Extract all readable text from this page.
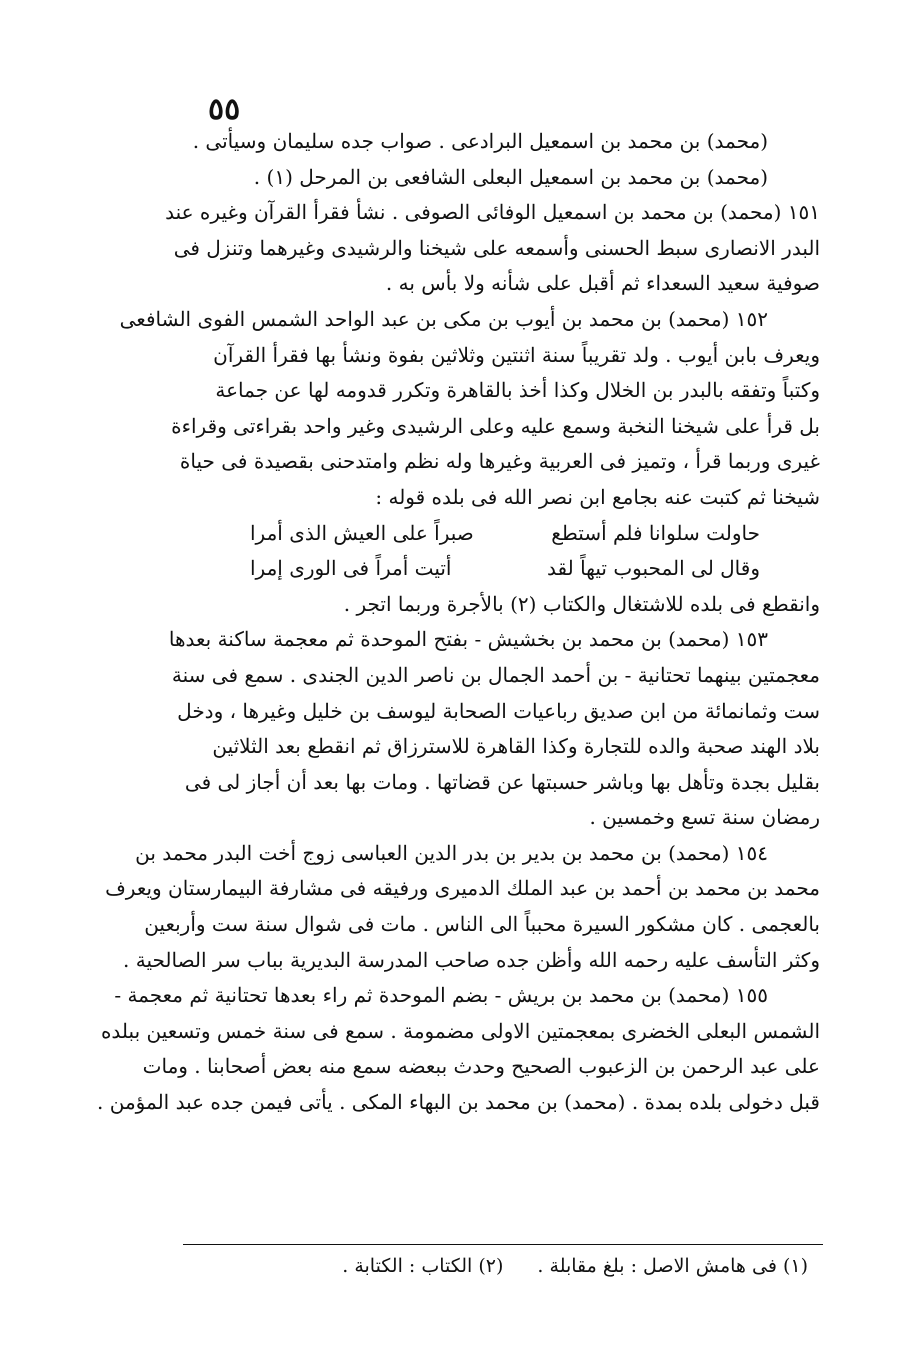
٥٥
(محمد) بن محمد بن اسمعيل البرادعى . صواب جده سليمان وسيأتى .
(محمد) بن محمد بن اسمعيل البعلى الشافعى بن المرحل (١) .
١٥١ (محمد) بن محمد بن اسمعيل الوفائى الصوفى . نشأ فقرأ القرآن وغيره عند
البدر الانصارى سبط الحسنى وأسمعه على شيخنا والرشيدى وغيرهما وتنزل فى
صوفية سعيد السعداء ثم أقبل على شأنه ولا بأس به .
١٥٢ (محمد) بن محمد بن أيوب بن مكى بن عبد الواحد الشمس الفوى الشافعى
ويعرف بابن أيوب . ولد تقريباً سنة اثنتين وثلاثين بفوة ونشأ بها فقرأ القرآن
وكتباً وتفقه بالبدر بن الخلال وكذا أخذ بالقاهرة وتكرر قدومه لها عن جماعة
بل قرأ على شيخنا النخبة وسمع عليه وعلى الرشيدى وغير واحد بقراءتى وقراءة
غيرى وربما قرأ ، وتميز فى العربية وغيرها وله نظم وامتدحنى بقصيدة فى حياة
شيخنا ثم كتبت عنه بجامع ابن نصر الله فى بلده قوله :
حاولت سلوانا فلم أستطع
صبراً على العيش الذى أمرا
وقال لى المحبوب تيهاً لقد
أتيت أمراً فى الورى إمرا
وانقطع فى بلده للاشتغال والكتاب (٢) بالأجرة وربما اتجر .
١٥٣ (محمد) بن محمد بن بخشيش - بفتح الموحدة ثم معجمة ساكنة بعدها
معجمتين بينهما تحتانية - بن أحمد الجمال بن ناصر الدين الجندى . سمع فى سنة
ست وثمانمائة من ابن صديق رباعيات الصحابة ليوسف بن خليل وغيرها ، ودخل
بلاد الهند صحبة والده للتجارة وكذا القاهرة للاسترزاق ثم انقطع بعد الثلاثين
بقليل بجدة وتأهل بها وباشر حسبتها عن قضاتها . ومات بها بعد أن أجاز لى فى
رمضان سنة تسع وخمسين .
١٥٤ (محمد) بن محمد بن بدير بن بدر الدين العباسى زوج أخت البدر محمد بن
محمد بن محمد بن أحمد بن عبد الملك الدميرى ورفيقه فى مشارفة البيمارستان ويعرف
بالعجمى . كان مشكور السيرة محبباً الى الناس . مات فى شوال سنة ست وأربعين
وكثر التأسف عليه رحمه الله وأظن جده صاحب المدرسة البديرية بباب سر الصالحية .
١٥٥ (محمد) بن محمد بن بريش - بضم الموحدة ثم راء بعدها تحتانية ثم معجمة -
الشمس البعلى الخضرى بمعجمتين الاولى مضمومة . سمع فى سنة خمس وتسعين ببلده
على عبد الرحمن بن الزعبوب الصحيح وحدث ببعضه سمع منه بعض أصحابنا . ومات
قبل دخولى بلده بمدة . (محمد) بن محمد بن البهاء المكى . يأتى فيمن جده عبد المؤمن .
(١) فى هامش الاصل : بلغ مقابلة .
(٢) الكتاب : الكتابة .
